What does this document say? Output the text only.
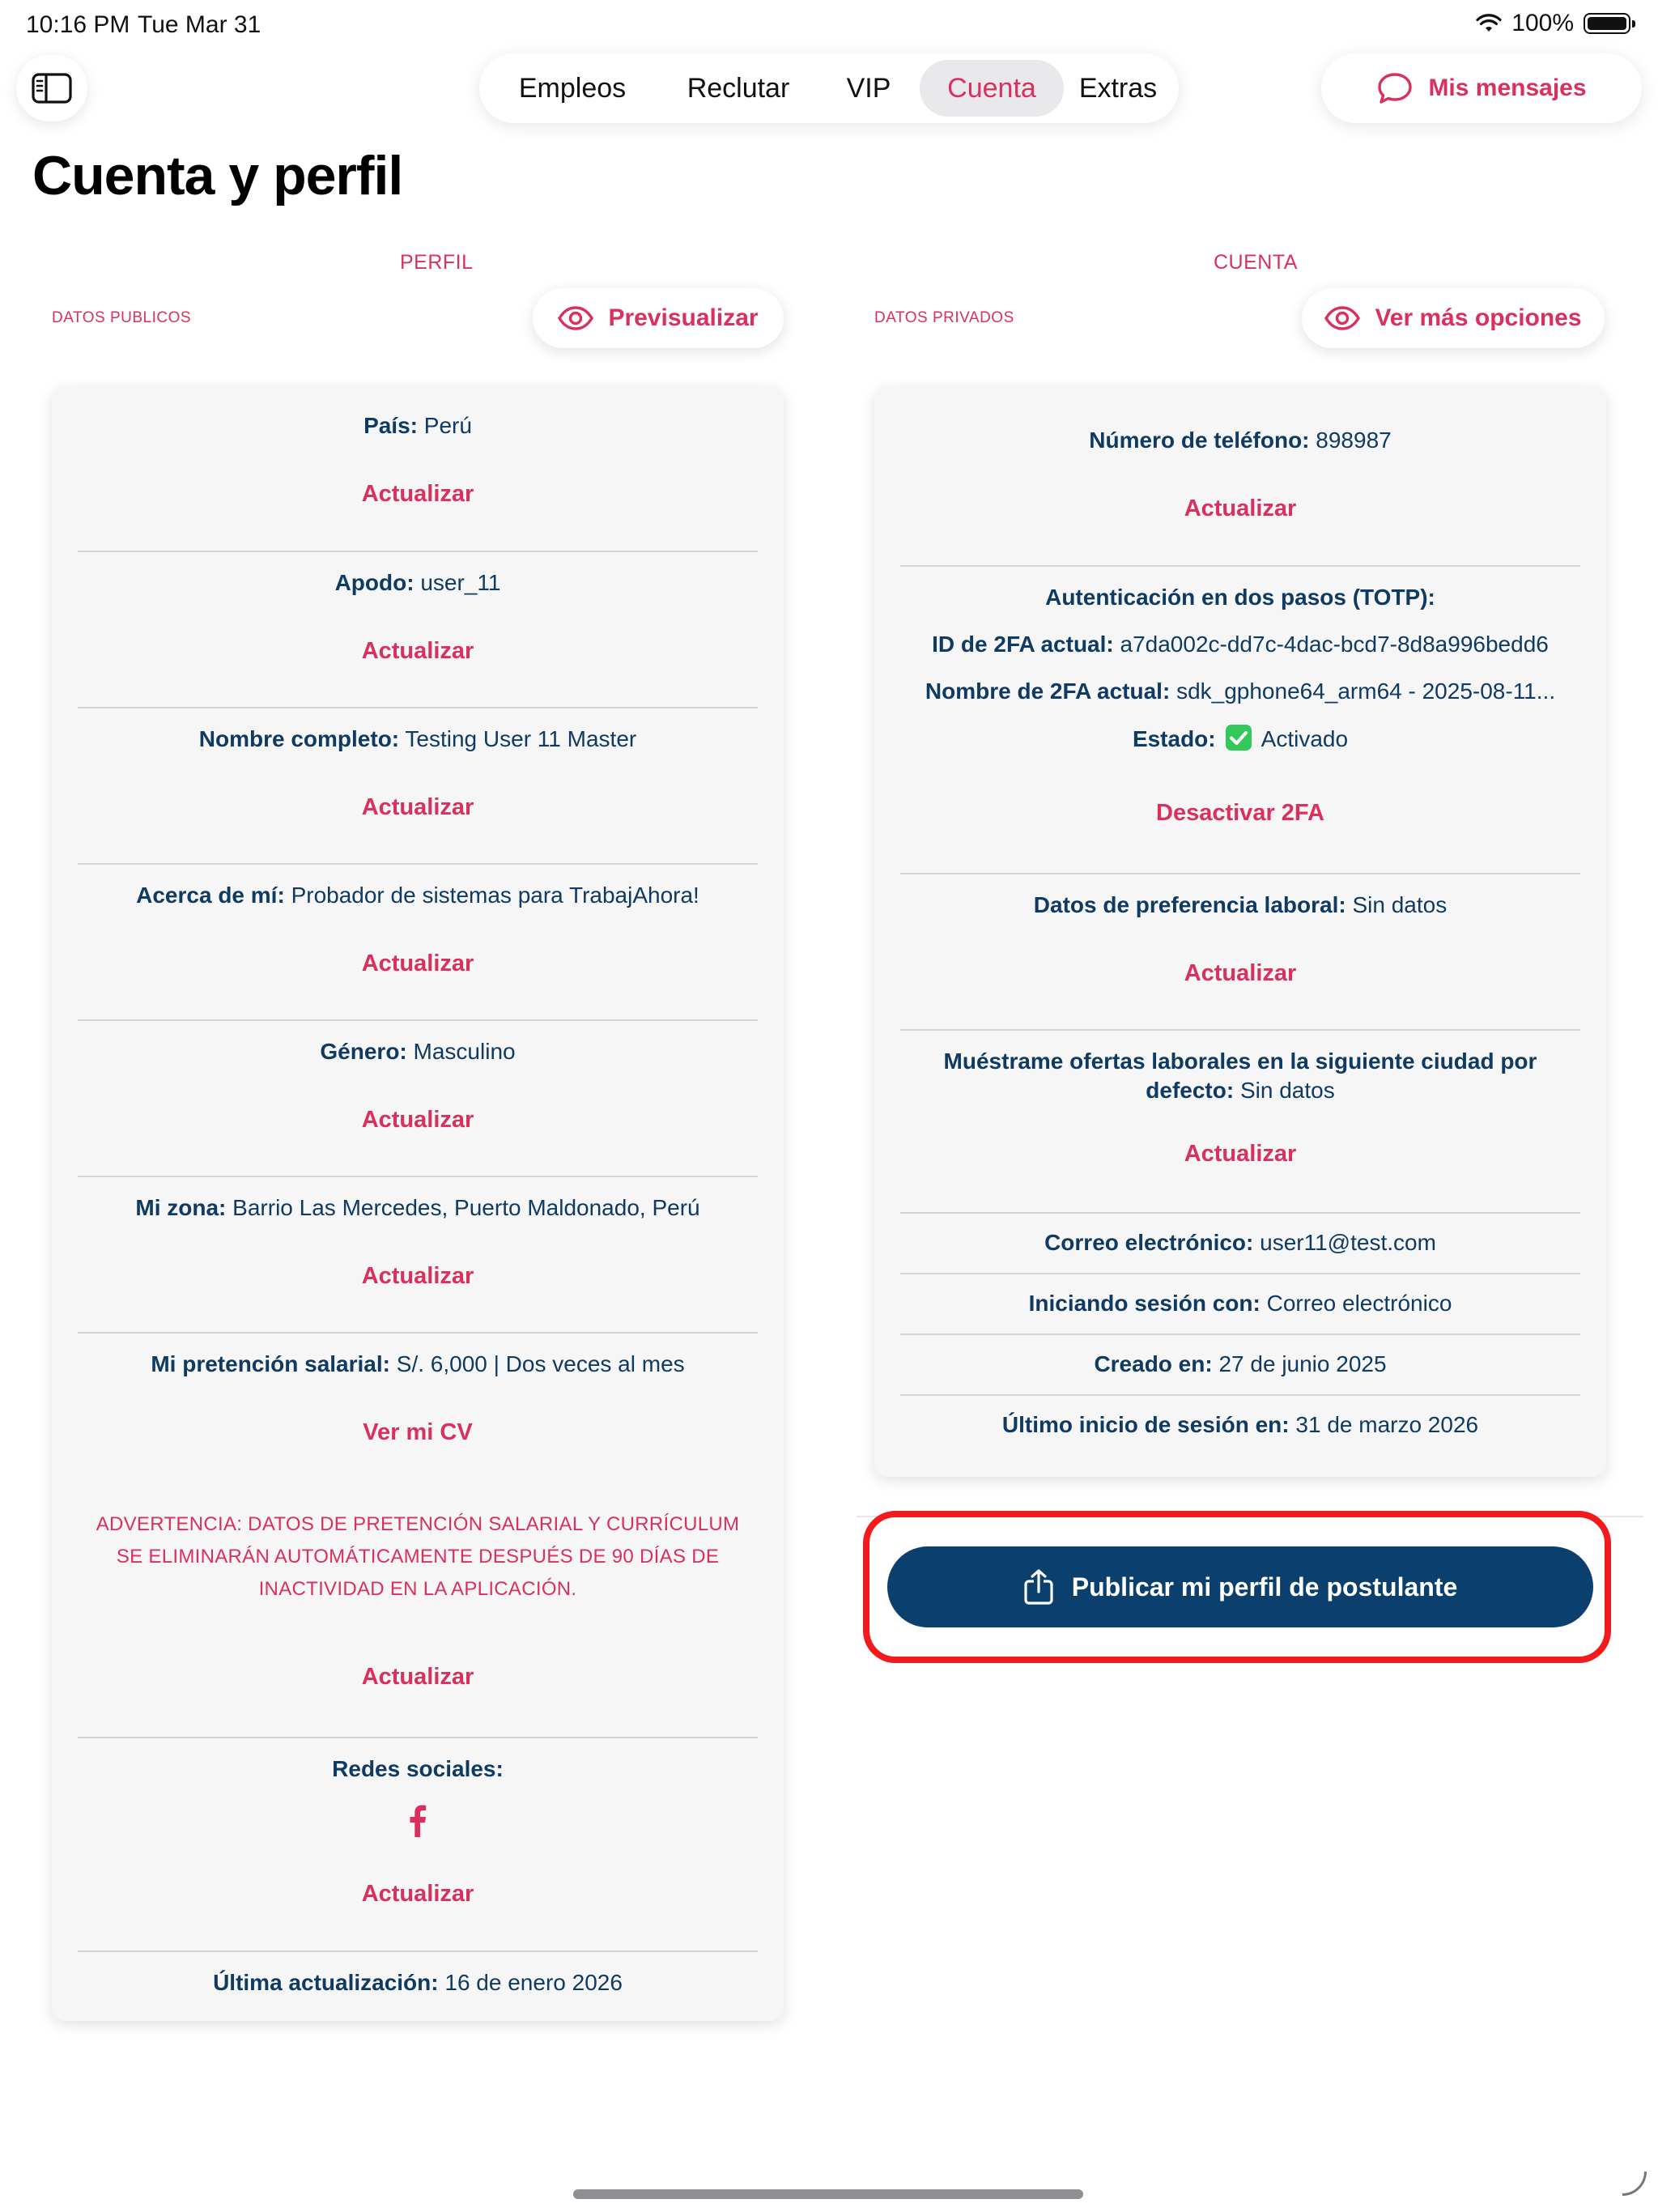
10:16 PM Tue Mar 31	100%
Empleos	Reclutar	VIP	Cuenta	Extras	Mis mensajes
Cuenta y perfil
PERFIL
DATOS PUBLICOS	Previsualizar
País: Perú
Actualizar
Apodo: user_11
Actualizar
Nombre completo: Testing User 11 Master
Actualizar
Acerca de mí: Probador de sistemas para TrabajAhora!
Actualizar
Género: Masculino
Actualizar
Mi zona: Barrio Las Mercedes, Puerto Maldonado, Perú
Actualizar
Mi pretención salarial: S/. 6,000 | Dos veces al mes
Ver mi CV
ADVERTENCIA: DATOS DE PRETENCIÓN SALARIAL Y CURRÍCULUM SE ELIMINARÁN AUTOMÁTICAMENTE DESPUÉS DE 90 DÍAS DE INACTIVIDAD EN LA APLICACIÓN.
Actualizar
Redes sociales:
Actualizar
Última actualización: 16 de enero 2026
CUENTA
DATOS PRIVADOS	Ver más opciones
Número de teléfono: 898987
Actualizar
Autenticación en dos pasos (TOTP):
ID de 2FA actual: a7da002c-dd7c-4dac-bcd7-8d8a996bedd6
Nombre de 2FA actual: sdk_gphone64_arm64 - 2025-08-11...
Estado: Activado
Desactivar 2FA
Datos de preferencia laboral: Sin datos
Actualizar
Muéstrame ofertas laborales en la siguiente ciudad por defecto: Sin datos
Actualizar
Correo electrónico: user11@test.com
Iniciando sesión con: Correo electrónico
Creado en: 27 de junio 2025
Último inicio de sesión en: 31 de marzo 2026
Publicar mi perfil de postulante
